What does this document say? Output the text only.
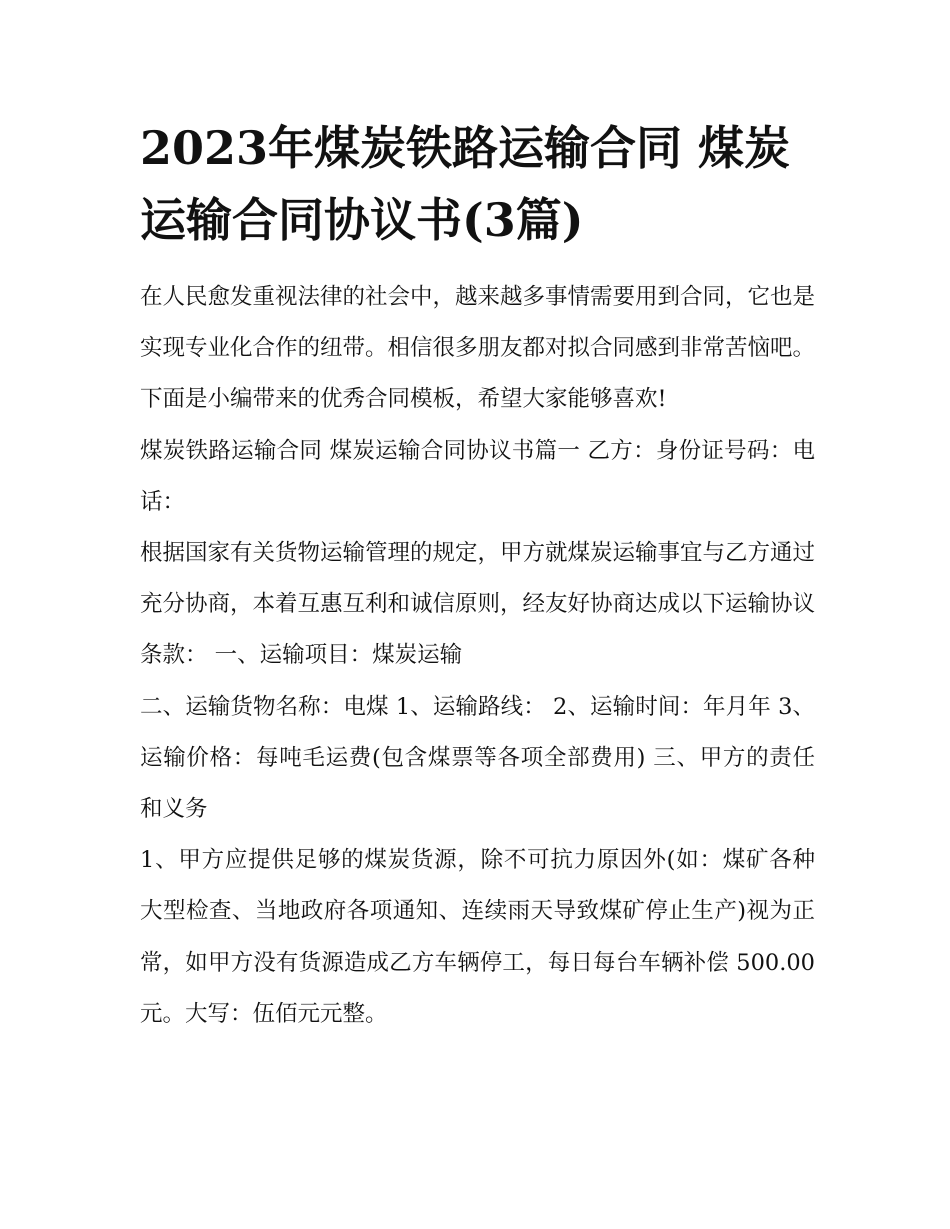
2023年煤炭铁路运输合同 煤炭运输合同协议书(3篇)

在人民愈发重视法律的社会中，越来越多事情需要用到合同，它也是实现专业化合作的纽带。相信很多朋友都对拟合同感到非常苦恼吧。下面是小编带来的优秀合同模板，希望大家能够喜欢!

煤炭铁路运输合同 煤炭运输合同协议书篇一 乙方：身份证号码：电话：

根据国家有关货物运输管理的规定，甲方就煤炭运输事宜与乙方通过充分协商，本着互惠互利和诚信原则，经友好协商达成以下运输协议条款： 一、运输项目：煤炭运输

二、运输货物名称：电煤 1、运输路线： 2、运输时间：年月年 3、运输价格：每吨毛运费(包含煤票等各项全部费用) 三、甲方的责任和义务

1、甲方应提供足够的煤炭货源，除不可抗力原因外(如：煤矿各种大型检查、当地政府各项通知、连续雨天导致煤矿停止生产)视为正常，如甲方没有货源造成乙方车辆停工，每日每台车辆补偿 500.00 元。大写：伍佰元元整。
